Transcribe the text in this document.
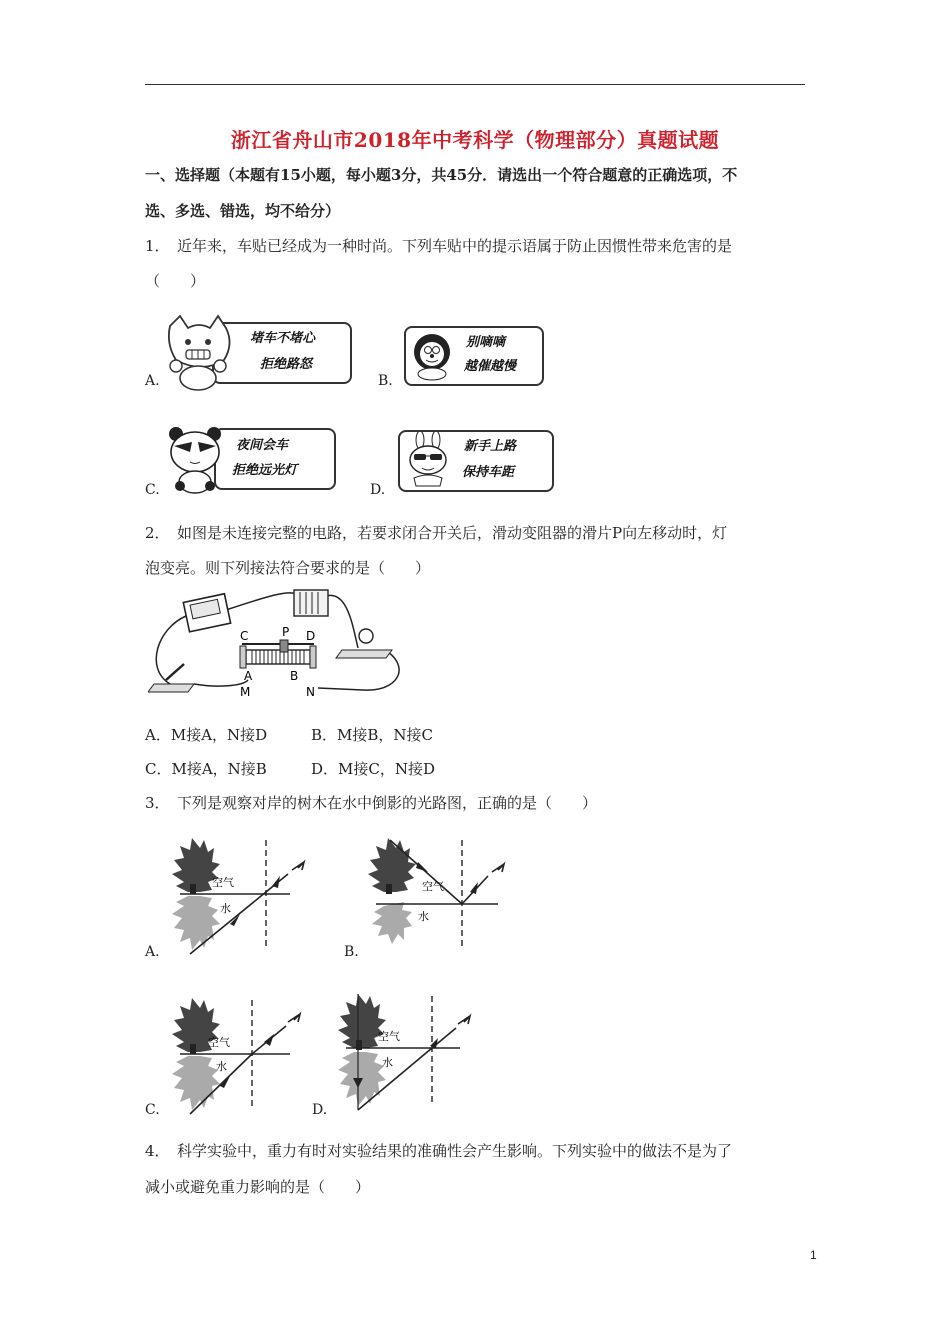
浙江省舟山市2018年中考科学（物理部分）真题试题
一、选择题（本题有15小题，每小题3分，共45分．请选出一个符合题意的正确选项，不
选、多选、错选，均不给分）
1．　近年来，车贴已经成为一种时尚。下列车贴中的提示语属于防止因惯性带来危害的是
（　　）
A.
堵车不堵心
拒绝路怒
B.
别嘀嘀
越催越慢
C.
夜间会车
拒绝远光灯
D.
新手上路
保持车距
2．　如图是未连接完整的电路，若要求闭合开关后，滑动变阻器的滑片P向左移动时，灯
泡变亮。则下列接法符合要求的是（　　）
C	P D
A	B
M	N
A．M接A，N接D	B．M接B，N接C
C．M接A，N接B	D．M接C，N接D
3．　下列是观察对岸的树木在水中倒影的光路图，正确的是（　　）
A.
空气
水
B.
空气
水
C.
空气
水
D.
空气
水
4．　科学实验中，重力有时对实验结果的准确性会产生影响。下列实验中的做法不是为了
减小或避免重力影响的是（　　）
1
